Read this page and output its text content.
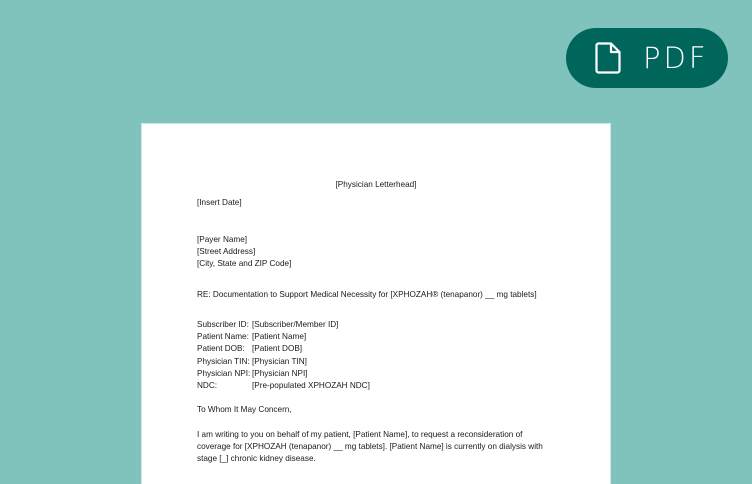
PDF
[Physician Letterhead]
[Insert Date]
[Payer Name]
[Street Address]
[City, State and ZIP Code]
RE: Documentation to Support Medical Necessity for [XPHOZAH® (tenapanor) __ mg tablets]
Subscriber ID: [Subscriber/Member ID]
Patient Name: [Patient Name]
Patient DOB: [Patient DOB]
Physician TIN: [Physician TIN]
Physician NPI: [Physician NPI]
NDC:	[Pre-populated XPHOZAH NDC]
To Whom It May Concern,
I am writing to you on behalf of my patient, [Patient Name], to request a reconsideration of
coverage for [XPHOZAH (tenapanor) __ mg tablets]. [Patient Name] is currently on dialysis with
stage [_] chronic kidney disease.
